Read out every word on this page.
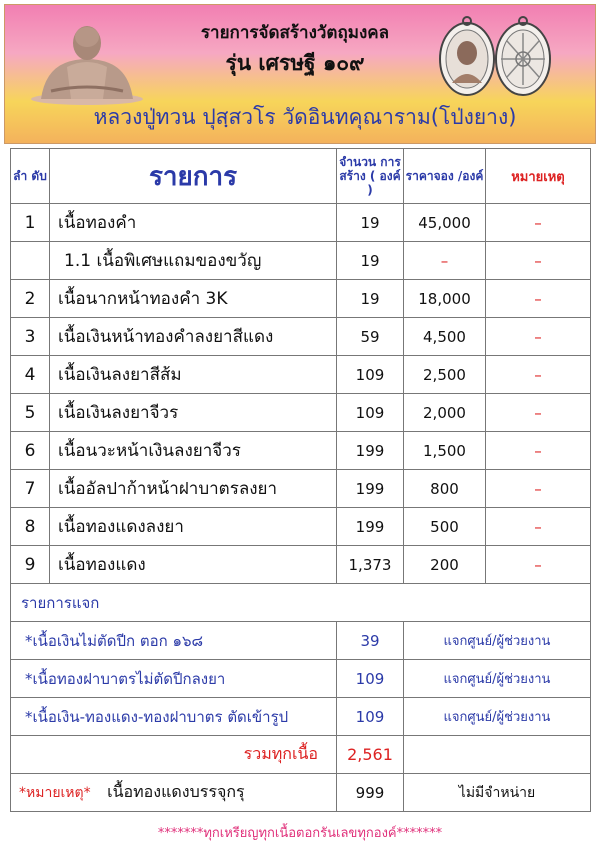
รายการจัดสร้างวัตถุมงคล
รุ่น เศรษฐี ๑๐๙
หลวงปู่ทวน ปุสฺสวโร วัดอินทคุณาราม(โป่งยาง)
ลำ ดับ	รายการ	จำนวน การสร้าง ( องค์ )	ราคาจอง /องค์	หมายเหตุ
1	เนื้อทองคำ	19	45,000	–
	1.1 เนื้อพิเศษแถมของขวัญ	19	–	–
2	เนื้อนากหน้าทองคำ 3K	19	18,000	–
3	เนื้อเงินหน้าทองคำลงยาสีแดง	59	4,500	–
4	เนื้อเงินลงยาสีส้ม	109	2,500	–
5	เนื้อเงินลงยาจีวร	109	2,000	–
6	เนื้อนวะหน้าเงินลงยาจีวร	199	1,500	–
7	เนื้ออัลปาก้าหน้าฝาบาตรลงยา	199	800	–
8	เนื้อทองแดงลงยา	199	500	–
9	เนื้อทองแดง	1,373	200	–
รายการแจก				
*เนื้อเงินไม่ตัดปีก ตอก ๑๖๘		39	แจกศูนย์/ผู้ช่วยงาน	
*เนื้อทองฝาบาตรไม่ตัดปีกลงยา		109	แจกศูนย์/ผู้ช่วยงาน	
*เนื้อเงิน-ทองแดง-ทองฝาบาตร ตัดเข้ารูป		109	แจกศูนย์/ผู้ช่วยงาน	
รวมทุกเนื้อ		2,561		
*หมายเหตุ* เนื้อทองแดงบรรจุกรุ		999	ไม่มีจำหน่าย	
*******ทุกเหรียญทุกเนื้อตอกรันเลขทุกองค์*******
